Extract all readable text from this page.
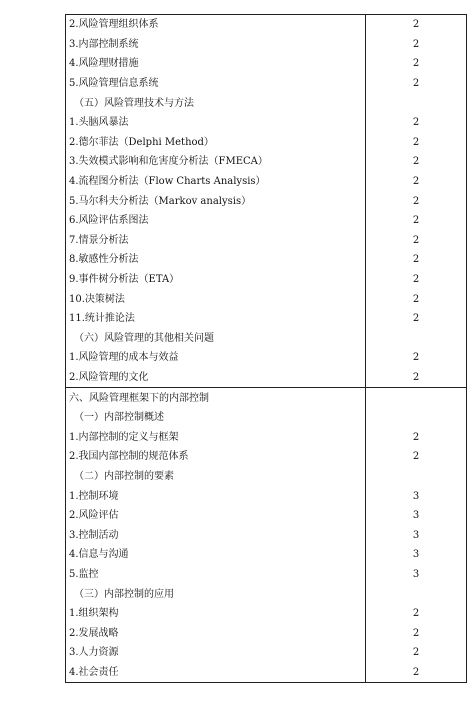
2.风险管理组织体系	2
3.内部控制系统	2
4.风险理财措施	2
5.风险管理信息系统	2
（五）风险管理技术与方法	
1.头脑风暴法	2
2.德尔菲法（Delphi Method）	2
3.失效模式影响和危害度分析法（FMECA）	2
4.流程图分析法（Flow Charts Analysis）	2
5.马尔科夫分析法（Markov analysis）	2
6.风险评估系图法	2
7.情景分析法	2
8.敏感性分析法	2
9.事件树分析法（ETA）	2
10.决策树法	2
11.统计推论法	2
（六）风险管理的其他相关问题	
1.风险管理的成本与效益	2
2.风险管理的文化	2
六、风险管理框架下的内部控制	
（一）内部控制概述	
1.内部控制的定义与框架	2
2.我国内部控制的规范体系	2
（二）内部控制的要素	
1.控制环境	3
2.风险评估	3
3.控制活动	3
4.信息与沟通	3
5.监控	3
（三）内部控制的应用	
1.组织架构	2
2.发展战略	2
3.人力资源	2
4.社会责任	2
